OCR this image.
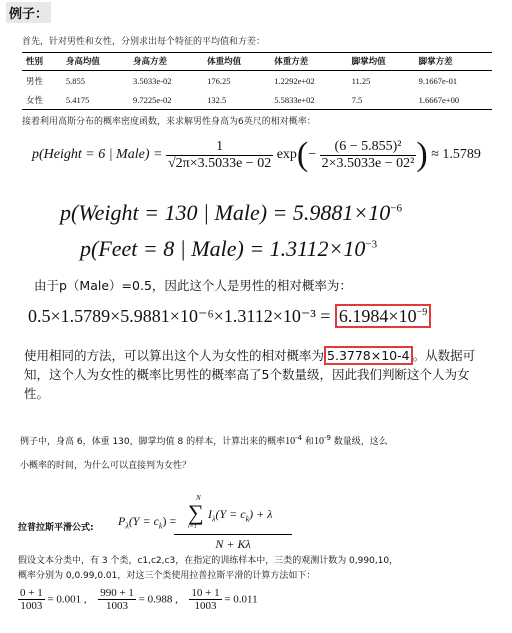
例子：
首先，针对男性和女性，分别求出每个特征的平均值和方差：
性别	身高均值	身高方差	体重均值	体重方差	脚掌均值	脚掌方差
男性	5.855	3.5033e-02	176.25	1.2292e+02	11.25	9.1667e-01
女性	5.4175	9.7225e-02	132.5	5.5833e+02	7.5	1.6667e+00
接着利用高斯分布的概率密度函数，来求解男性身高为6英尺的相对概率：
p(Height = 6 | Male) = $\frac{1}{√2\pi\times 3.5033e - 02} \exp(- \frac{\text{(6 − 5.855)²}}{\text{2×3.5033e − 02²}}$ ) ≈ 1.5789
p(Weight = 130 | Male) = $5.9881\times 10^{-6}$
p(Feet = 8 | Male) = $1.3112\times 10^{-3}$
由于p（Male）=0.5，因此这个人是男性的相对概率为：
$0.5\times 1.5789\times 5.9881\times 10^{-6}\times 1.3112\times 10^{-3} = 6.1984\times 10^{-9}$
使用相同的方法，可以算出这个人为女性的相对概率为 5.3778×10-4 。从数据可知，这个人为女性的概率比男性的概率高了5个数量级，因此我们判断这个人为女性。
例子中，身高 6，体重 130，脚掌均值 8 的样本，计算出来的概率$10^{-4}$ 和$10^{-9}$ 数量级，这么
小概率的时间，为什么可以直接判为女性？
拉普拉斯平滑公式: $P_\lambda(Y = c_k)$ =
N
∑
i=1
$I_\lambda(Y = c_k) + \lambda$
N + Kλ
假设文本分类中，有 3 个类，c1,c2,c3，在指定的训练样本中，三类的观测计数为 0,990,10，
概率分别为 0,0.99,0.01，对这三个类使用拉普拉斯平滑的计算方法如下：
$\frac{0 + 1}{1003} = 0.001$ , $\frac{990 + 1}{1003} = 0.988$ , $\frac{10 + 1}{1003} = 0.011$
